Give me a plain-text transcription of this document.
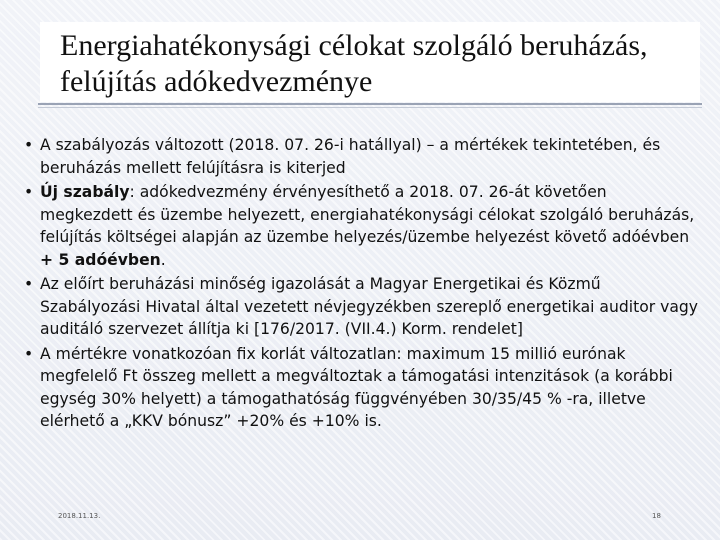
Energiahatékonysági célokat szolgáló beruházás, felújítás adókedvezménye
• A szabályozás változott (2018. 07. 26-i hatállyal) – a mértékek tekintetében, és beruházás mellett felújításra is kiterjed
• Új szabály: adókedvezmény érvényesíthető a 2018. 07. 26-át követően megkezdett és üzembe helyezett, energiahatékonysági célokat szolgáló beruházás, felújítás költségei alapján az üzembe helyezés/üzembe helyezést követő adóévben + 5 adóévben.
• Az előírt beruházási minőség igazolását a Magyar Energetikai és Közmű Szabályozási Hivatal által vezetett névjegyzékben szereplő energetikai auditor vagy auditáló szervezet állítja ki [176/2017. (VII.4.) Korm. rendelet]
• A mértékre vonatkozóan fix korlát változatlan: maximum 15 millió eurónak megfelelő Ft összeg mellett a megváltoztak a támogatási intenzitások (a korábbi egység 30% helyett) a támogathatóság függvényében 30/35/45 % -ra, illetve elérhető a „KKV bónusz” +20% és +10% is.
2018.11.13.	18
